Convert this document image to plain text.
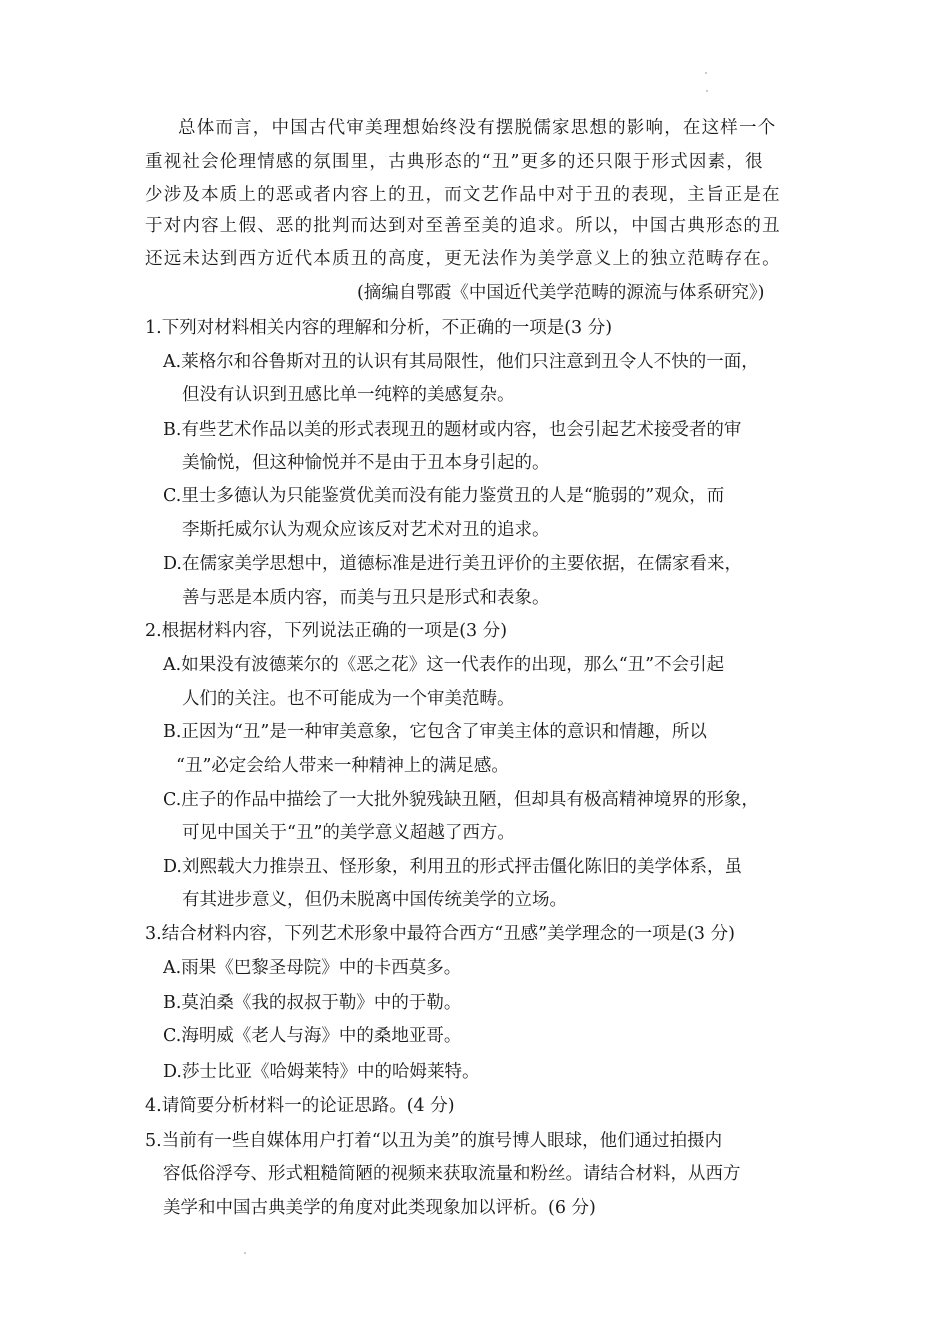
总体而言，中国古代审美理想始终没有摆脱儒家思想的影响，在这样一个
重视社会伦理情感的氛围里，古典形态的“丑”更多的还只限于形式因素，很
少涉及本质上的恶或者内容上的丑，而文艺作品中对于丑的表现，主旨正是在
于对内容上假、恶的批判而达到对至善至美的追求。所以，中国古典形态的丑
还远未达到西方近代本质丑的高度，更无法作为美学意义上的独立范畴存在。
(摘编自鄂霞《中国近代美学范畴的源流与体系研究》)
1.下列对材料相关内容的理解和分析，不正确的一项是(3 分)
A.莱格尔和谷鲁斯对丑的认识有其局限性，他们只注意到丑令人不快的一面，
但没有认识到丑感比单一纯粹的美感复杂。
B.有些艺术作品以美的形式表现丑的题材或内容，也会引起艺术接受者的审
美愉悦，但这种愉悦并不是由于丑本身引起的。
C.里士多德认为只能鉴赏优美而没有能力鉴赏丑的人是“脆弱的”观众，而
李斯托威尔认为观众应该反对艺术对丑的追求。
D.在儒家美学思想中，道德标准是进行美丑评价的主要依据，在儒家看来，
善与恶是本质内容，而美与丑只是形式和表象。
2.根据材料内容，下列说法正确的一项是(3 分)
A.如果没有波德莱尔的《恶之花》这一代表作的出现，那么“丑”不会引起
人们的关注。也不可能成为一个审美范畴。
B.正因为“丑”是一种审美意象，它包含了审美主体的意识和情趣，所以
“丑”必定会给人带来一种精神上的满足感。
C.庄子的作品中描绘了一大批外貌残缺丑陋，但却具有极高精神境界的形象，
可见中国关于“丑”的美学意义超越了西方。
D.刘熙载大力推崇丑、怪形象，利用丑的形式抨击僵化陈旧的美学体系，虽
有其进步意义，但仍未脱离中国传统美学的立场。
3.结合材料内容，下列艺术形象中最符合西方“丑感”美学理念的一项是(3 分)
A.雨果《巴黎圣母院》中的卡西莫多。
B.莫泊桑《我的叔叔于勒》中的于勒。
C.海明威《老人与海》中的桑地亚哥。
D.莎士比亚《哈姆莱特》中的哈姆莱特。
4.请简要分析材料一的论证思路。(4 分)
5.当前有一些自媒体用户打着“以丑为美”的旗号博人眼球，他们通过拍摄内
容低俗浮夸、形式粗糙简陋的视频来获取流量和粉丝。请结合材料，从西方
美学和中国古典美学的角度对此类现象加以评析。(6 分)
